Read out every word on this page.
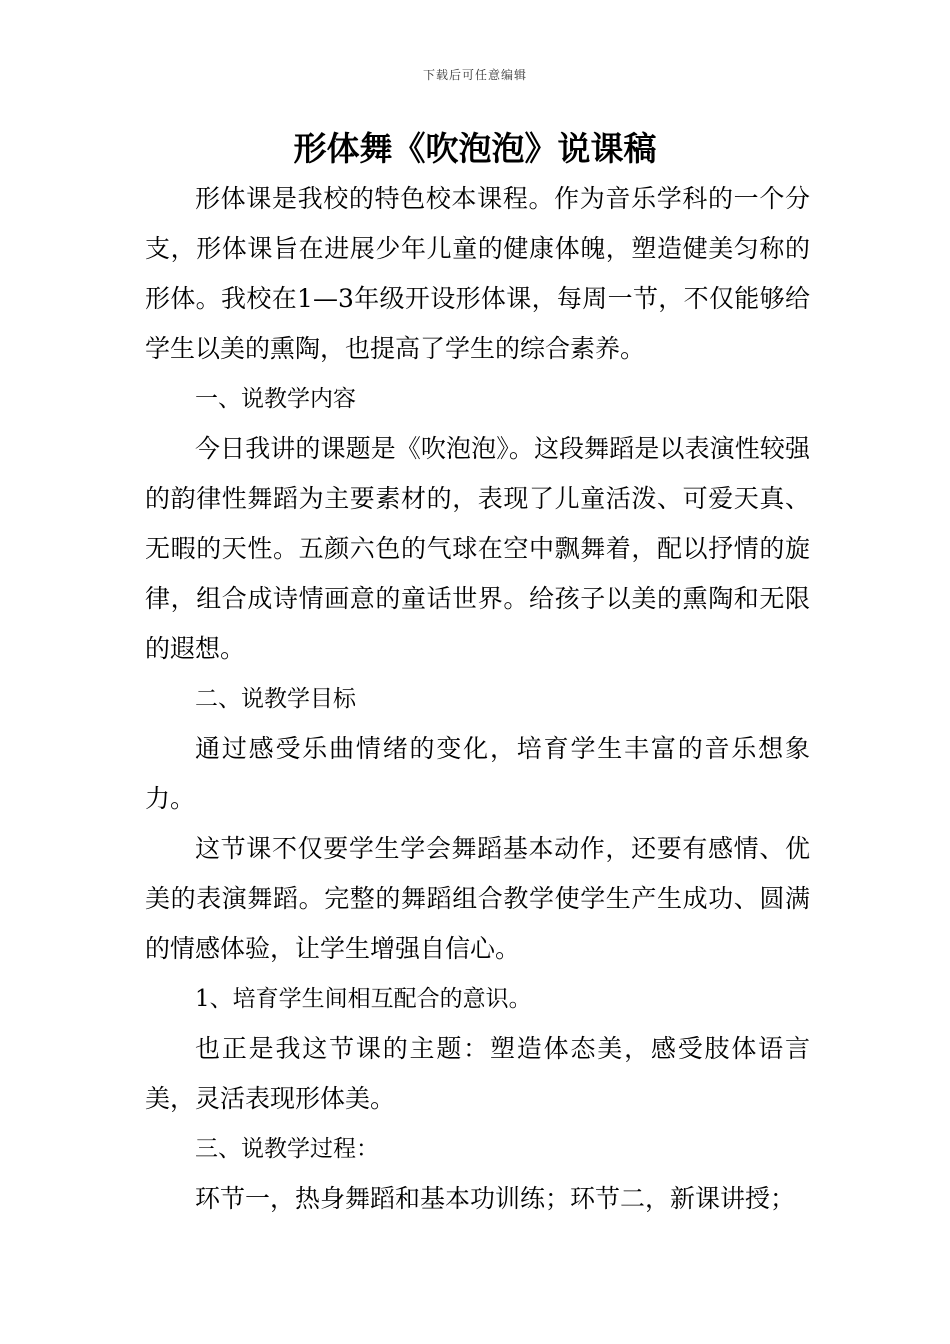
下载后可任意编辑
形体舞《吹泡泡》说课稿

形体课是我校的特色校本课程。作为音乐学科的一个分支，形体课旨在进展少年儿童的健康体魄，塑造健美匀称的形体。我校在1—3年级开设形体课，每周一节，不仅能够给学生以美的熏陶，也提高了学生的综合素养。

一、说教学内容

今日我讲的课题是《吹泡泡》。这段舞蹈是以表演性较强的韵律性舞蹈为主要素材的，表现了儿童活泼、可爱天真、无暇的天性。五颜六色的气球在空中飘舞着，配以抒情的旋律，组合成诗情画意的童话世界。给孩子以美的熏陶和无限的遐想。

二、说教学目标

通过感受乐曲情绪的变化，培育学生丰富的音乐想象力。

这节课不仅要学生学会舞蹈基本动作，还要有感情、优美的表演舞蹈。完整的舞蹈组合教学使学生产生成功、圆满的情感体验，让学生增强自信心。

1、培育学生间相互配合的意识。

也正是我这节课的主题：塑造体态美，感受肢体语言美，灵活表现形体美。

三、说教学过程：

环节一，热身舞蹈和基本功训练；环节二，新课讲授；
